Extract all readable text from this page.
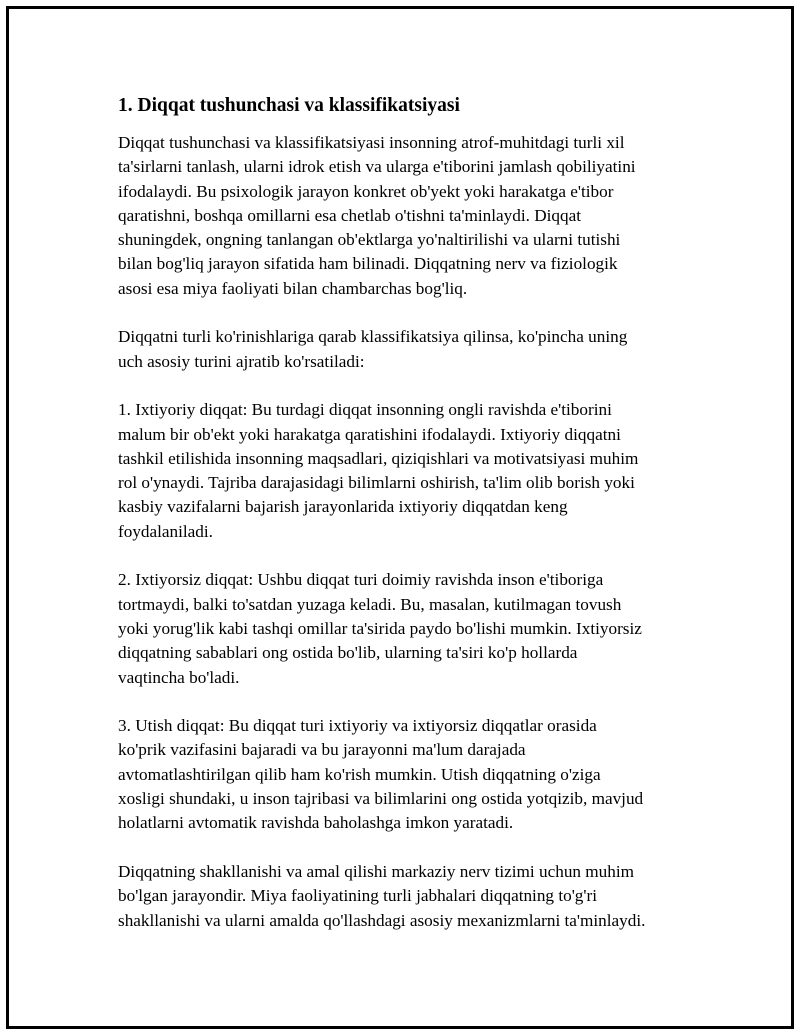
1. Diqqat tushunchasi va klassifikatsiyasi

Diqqat tushunchasi va klassifikatsiyasi insonning atrof-muhitdagi turli xil
ta'sirlarni tanlash, ularni idrok etish va ularga e'tiborini jamlash qobiliyatini
ifodalaydi. Bu psixologik jarayon konkret ob'yekt yoki harakatga e'tibor
qaratishni, boshqa omillarni esa chetlab o'tishni ta'minlaydi. Diqqat
shuningdek, ongning tanlangan ob'ektlarga yo'naltirilishi va ularni tutishi
bilan bog'liq jarayon sifatida ham bilinadi. Diqqatning nerv va fiziologik
asosi esa miya faoliyati bilan chambarchas bog'liq.

Diqqatni turli ko'rinishlariga qarab klassifikatsiya qilinsa, ko'pincha uning
uch asosiy turini ajratib ko'rsatiladi:

1. Ixtiyoriy diqqat: Bu turdagi diqqat insonning ongli ravishda e'tiborini
malum bir ob'ekt yoki harakatga qaratishini ifodalaydi. Ixtiyoriy diqqatni
tashkil etilishida insonning maqsadlari, qiziqishlari va motivatsiyasi muhim
rol o'ynaydi. Tajriba darajasidagi bilimlarni oshirish, ta'lim olib borish yoki
kasbiy vazifalarni bajarish jarayonlarida ixtiyoriy diqqatdan keng
foydalaniladi.

2. Ixtiyorsiz diqqat: Ushbu diqqat turi doimiy ravishda inson e'tiboriga
tortmaydi, balki to'satdan yuzaga keladi. Bu, masalan, kutilmagan tovush
yoki yorug'lik kabi tashqi omillar ta'sirida paydo bo'lishi mumkin. Ixtiyorsiz
diqqatning sabablari ong ostida bo'lib, ularning ta'siri ko'p hollarda
vaqtincha bo'ladi.

3. Utish diqqat: Bu diqqat turi ixtiyoriy va ixtiyorsiz diqqatlar orasida
ko'prik vazifasini bajaradi va bu jarayonni ma'lum darajada
avtomatlashtirilgan qilib ham ko'rish mumkin. Utish diqqatning o'ziga
xosligi shundaki, u inson tajribasi va bilimlarini ong ostida yotqizib, mavjud
holatlarni avtomatik ravishda baholashga imkon yaratadi.

Diqqatning shakllanishi va amal qilishi markaziy nerv tizimi uchun muhim
bo'lgan jarayondir. Miya faoliyatining turli jabhalari diqqatning to'g'ri
shakllanishi va ularni amalda qo'llashdagi asosiy mexanizmlarni ta'minlaydi.
